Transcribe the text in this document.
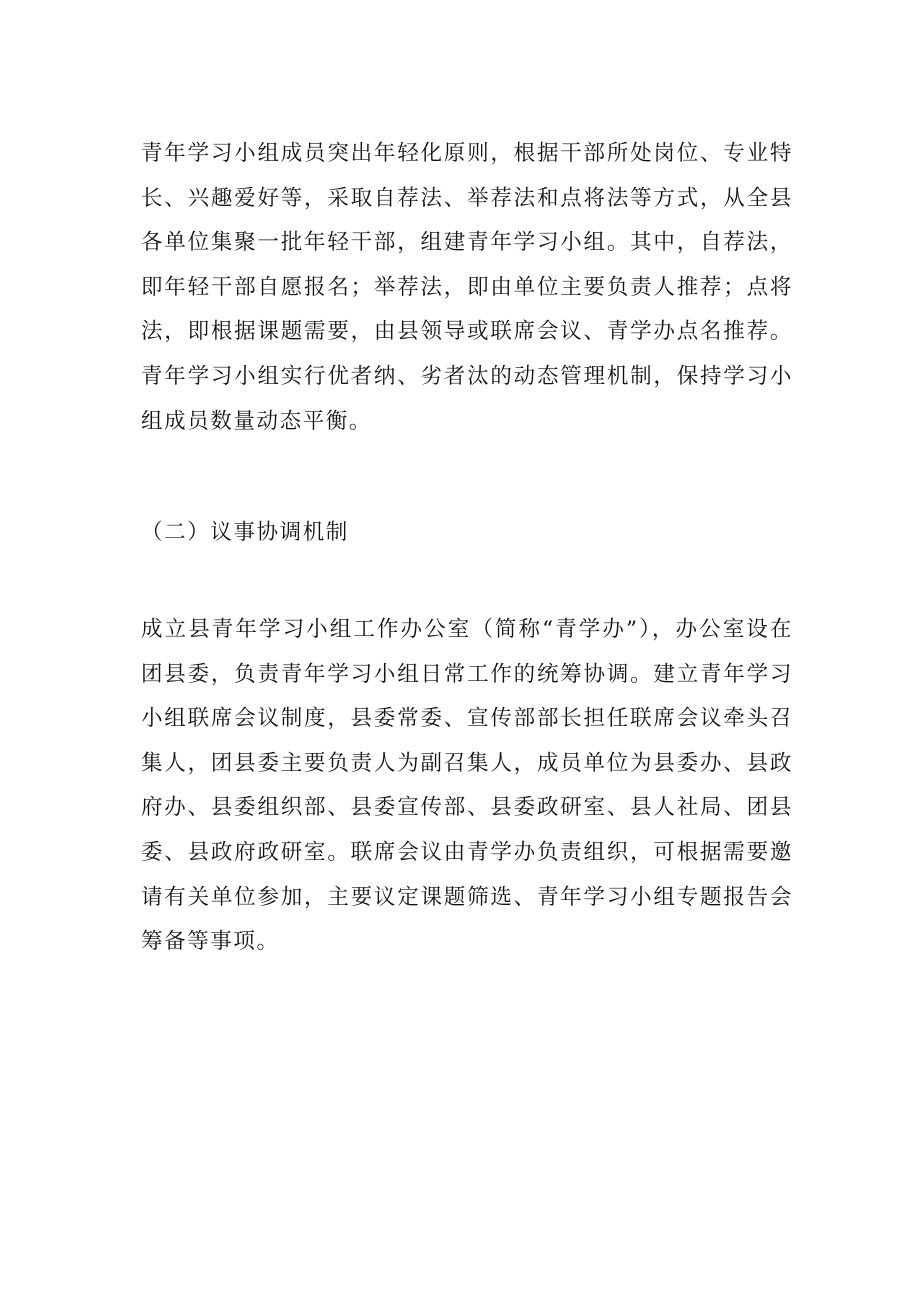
青年学习小组成员突出年轻化原则，根据干部所处岗位、专业特长、兴趣爱好等，采取自荐法、举荐法和点将法等方式，从全县各单位集聚一批年轻干部，组建青年学习小组。其中，自荐法，即年轻干部自愿报名；举荐法，即由单位主要负责人推荐；点将法，即根据课题需要，由县领导或联席会议、青学办点名推荐。青年学习小组实行优者纳、劣者汰的动态管理机制，保持学习小组成员数量动态平衡。

（二）议事协调机制

成立县青年学习小组工作办公室（简称“青学办”），办公室设在团县委，负责青年学习小组日常工作的统筹协调。建立青年学习小组联席会议制度，县委常委、宣传部部长担任联席会议牵头召集人，团县委主要负责人为副召集人，成员单位为县委办、县政府办、县委组织部、县委宣传部、县委政研室、县人社局、团县委、县政府政研室。联席会议由青学办负责组织，可根据需要邀请有关单位参加，主要议定课题筛选、青年学习小组专题报告会筹备等事项。
